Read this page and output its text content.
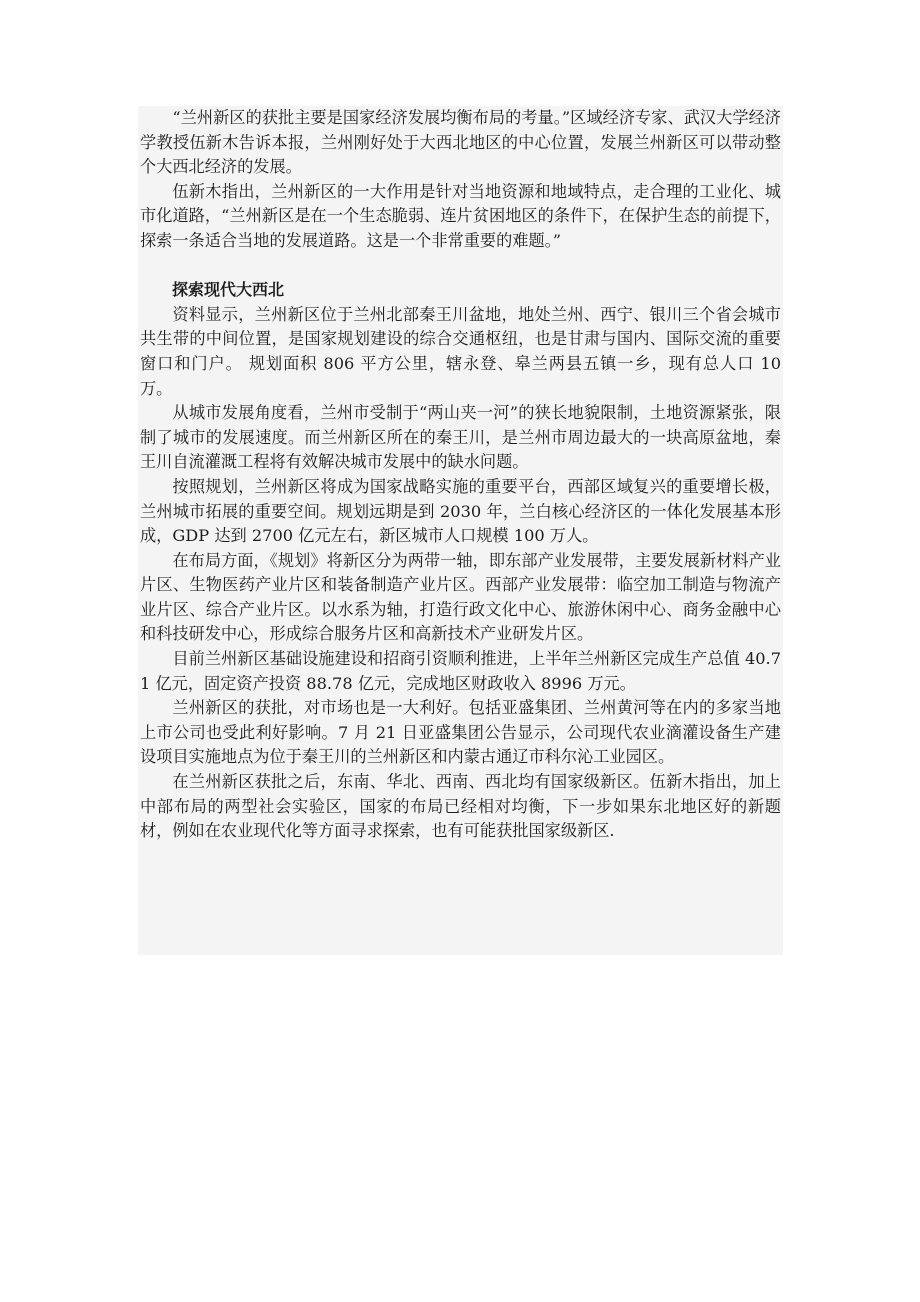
“兰州新区的获批主要是国家经济发展均衡布局的考量。”区域经济专家、武汉大学经济学教授伍新木告诉本报，兰州刚好处于大西北地区的中心位置，发展兰州新区可以带动整个大西北经济的发展。

伍新木指出，兰州新区的一大作用是针对当地资源和地域特点，走合理的工业化、城市化道路，“兰州新区是在一个生态脆弱、连片贫困地区的条件下，在保护生态的前提下，探索一条适合当地的发展道路。这是一个非常重要的难题。”

探索现代大西北

资料显示，兰州新区位于兰州北部秦王川盆地，地处兰州、西宁、银川三个省会城市共生带的中间位置，是国家规划建设的综合交通枢纽，也是甘肃与国内、国际交流的重要窗口和门户。 规划面积 806 平方公里，辖永登、皋兰两县五镇一乡，现有总人口 10 万。

从城市发展角度看，兰州市受制于“两山夹一河”的狭长地貌限制，土地资源紧张，限制了城市的发展速度。而兰州新区所在的秦王川，是兰州市周边最大的一块高原盆地，秦王川自流灌溉工程将有效解决城市发展中的缺水问题。

按照规划，兰州新区将成为国家战略实施的重要平台，西部区域复兴的重要增长极，兰州城市拓展的重要空间。规划远期是到 2030 年，兰白核心经济区的一体化发展基本形成，GDP 达到 2700 亿元左右，新区城市人口规模 100 万人。

在布局方面，《规划》将新区分为两带一轴，即东部产业发展带，主要发展新材料产业片区、生物医药产业片区和装备制造产业片区。西部产业发展带：临空加工制造与物流产业片区、综合产业片区。以水系为轴，打造行政文化中心、旅游休闲中心、商务金融中心和科技研发中心，形成综合服务片区和高新技术产业研发片区。

目前兰州新区基础设施建设和招商引资顺利推进，上半年兰州新区完成生产总值 40.71 亿元，固定资产投资 88.78 亿元，完成地区财政收入 8996 万元。

兰州新区的获批，对市场也是一大利好。包括亚盛集团、兰州黄河等在内的多家当地上市公司也受此利好影响。7 月 21 日亚盛集团公告显示，公司现代农业滴灌设备生产建设项目实施地点为位于秦王川的兰州新区和内蒙古通辽市科尔沁工业园区。

在兰州新区获批之后，东南、华北、西南、西北均有国家级新区。伍新木指出，加上中部布局的两型社会实验区，国家的布局已经相对均衡，下一步如果东北地区好的新题材，例如在农业现代化等方面寻求探索，也有可能获批国家级新区.
